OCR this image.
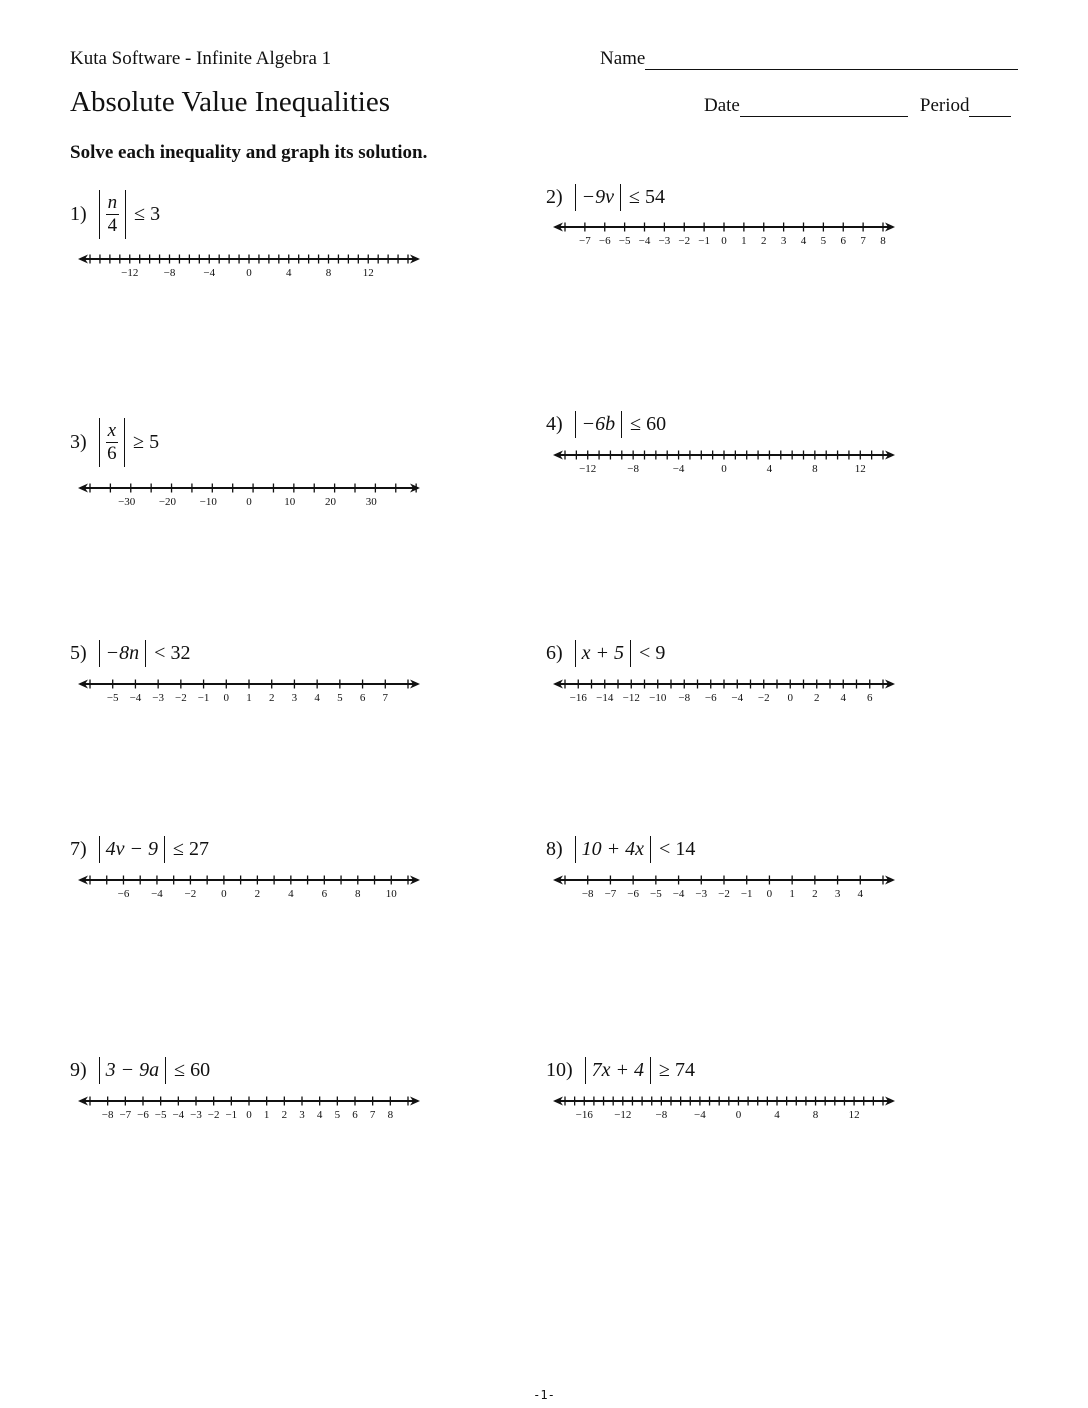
Kuta Software - Infinite Algebra 1	Name
Absolute Value Inequalities	Date	Period
Solve each inequality and graph its solution.
$1) \frac{n}{4} \le 3$
−12 −8	−4	0	4	8	12
2) −9v ≤ 54
−7 −6 −5 −4 −3 −2 −1 0 1 2 3 4 5 6 7 8
$3) \frac{x}{6} \ge 5$
−30 −20 −10	0	10	20	30
4) −6b ≤ 60
−12	−8	−4	0	4	8	12
5) −8n < 32
−5 −4 −3 −2 −1 0 1 2 3 4 5 6 7
6) x + 5 < 9
−16 −14 −12 −10 −8 −6 −4 −2 0 2 4 6
7) 4v − 9 ≤ 27
−6 −4 −2 0	2	4	6	8 10
8) 10 + 4x < 14
−8 −7 −6 −5 −4 −3 −2 −1 0 1 2 3 4
9) 3 − 9a ≤ 60
−8 −7 −6 −5 −4 −3 −2 −1 0 1 2 3 4 5 6 7 8
10) 7x + 4 ≥ 74
−16 −12 −8 −4	0	4	8	12
-1-
